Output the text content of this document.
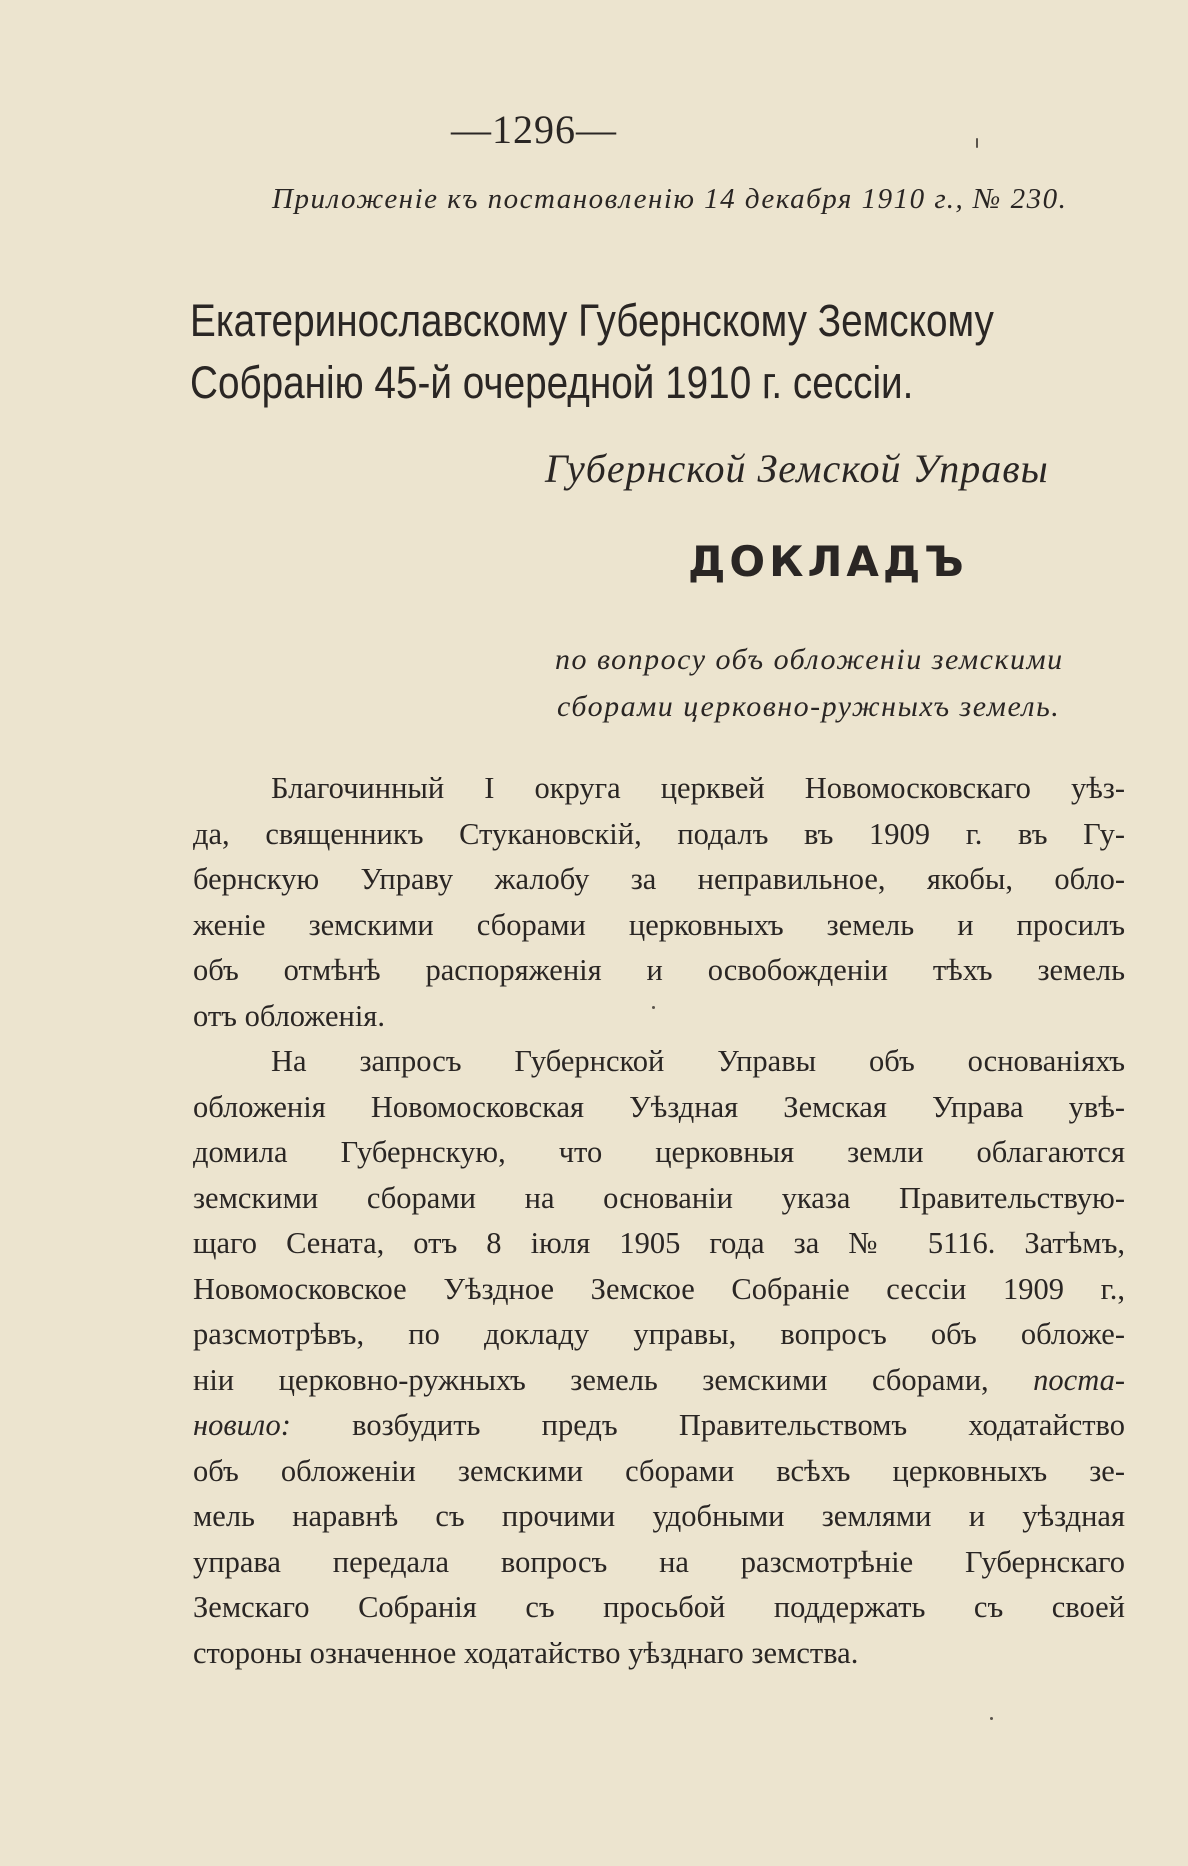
—1296—
Приложеніе къ постановленію 14 декабря 1910 г., № 230.
Екатеринославскому Губернскому Земскому
Собранію 45-й очередной 1910 г. сессіи.
Губернской Земской Управы
ДОКЛАДЪ
по вопросу объ обложеніи земскими
сборами церковно-ружныхъ земель.
Благочинный I округа церквей Новомосковскаго уѣз-
да, священникъ Стукановскій, подалъ въ 1909 г. въ Гу-
бернскую Управу жалобу за неправильное, якобы, обло-
женіе земскими сборами церковныхъ земель и просилъ
объ отмѣнѣ распоряженія и освобожденіи тѣхъ земель
отъ обложенія.
На запросъ Губернской Управы объ основаніяхъ
обложенія Новомосковская Уѣздная Земская Управа увѣ-
домила Губернскую, что церковныя земли облагаются
земскими сборами на основаніи указа Правительствую-
щаго Сената, отъ 8 іюля 1905 года за № 5116. Затѣмъ,
Новомосковское Уѣздное Земское Собраніе сессіи 1909 г.,
разсмотрѣвъ, по докладу управы, вопросъ объ обложе-
ніи церковно-ружныхъ земель земскими сборами, поста-
новило: возбудить предъ Правительствомъ ходатайство
объ обложеніи земскими сборами всѣхъ церковныхъ зе-
мель наравнѣ съ прочими удобными землями и уѣздная
управа передала вопросъ на разсмотрѣніе Губернскаго
Земскаго Собранія съ просьбой поддержать съ своей
стороны означенное ходатайство уѣзднаго земства.
